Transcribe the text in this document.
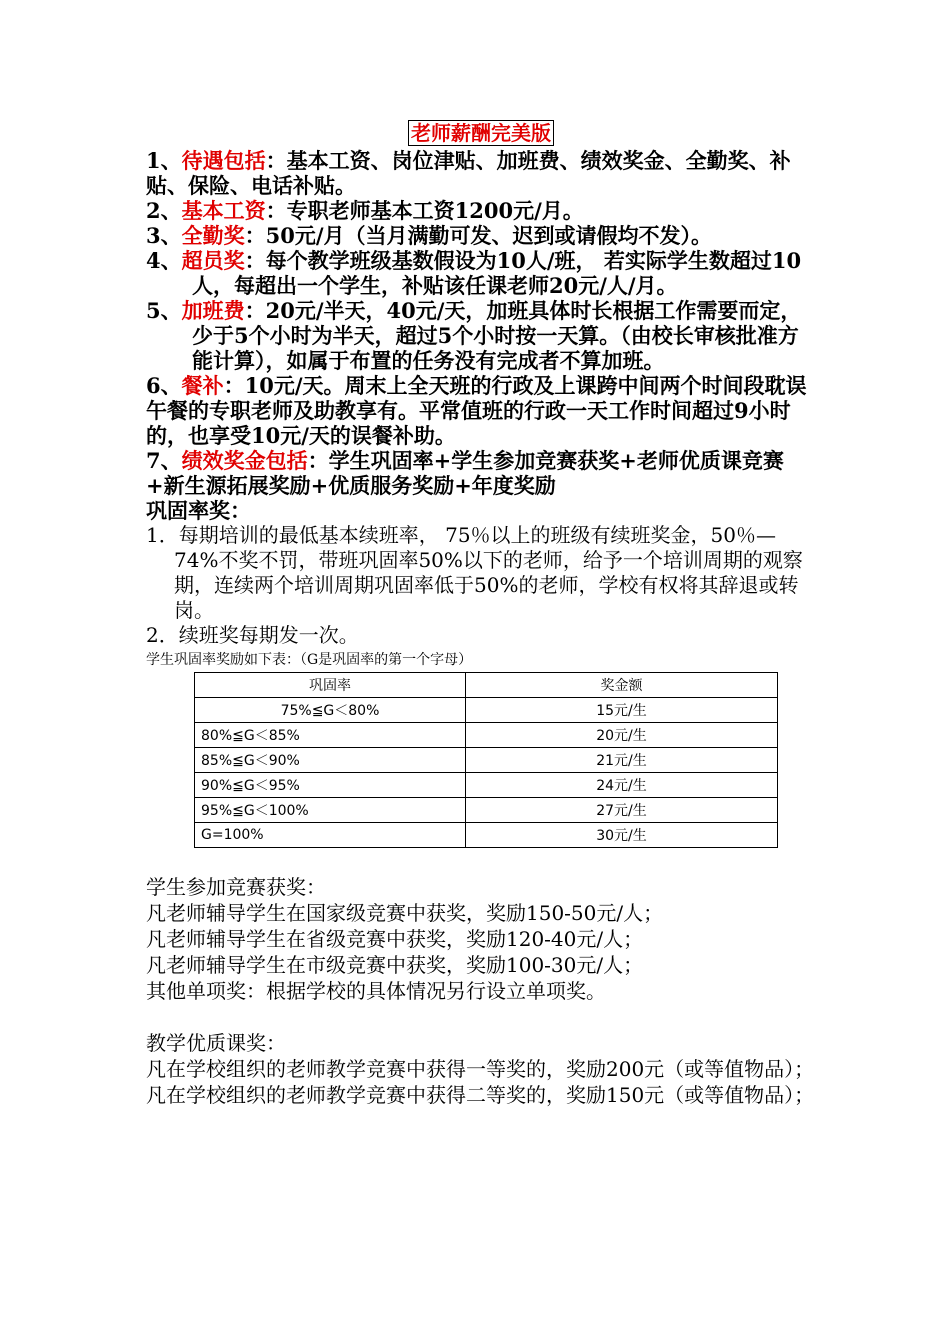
老师薪酬完美版

1、待遇包括：基本工资、岗位津贴、加班费、绩效奖金、全勤奖、补贴、保险、电话补贴。

2、基本工资：专职老师基本工资1200元/月。

3、全勤奖：50元/月（当月满勤可发、迟到或请假均不发）。

4、超员奖：每个教学班级基数假设为10人/班， 若实际学生数超过10人，每超出一个学生，补贴该任课老师20元/人/月。

5、加班费：20元/半天，40元/天，加班具体时长根据工作需要而定，少于5个小时为半天，超过5个小时按一天算。（由校长审核批准方能计算），如属于布置的任务没有完成者不算加班。

6、餐补：10元/天。周末上全天班的行政及上课跨中间两个时间段耽误午餐的专职老师及助教享有。平常值班的行政一天工作时间超过9小时的，也享受10元/天的误餐补助。

7、绩效奖金包括：学生巩固率+学生参加竞赛获奖+老师优质课竞赛+新生源拓展奖励+优质服务奖励+年度奖励

巩固率奖：

1．每期培训的最低基本续班率， 75％以上的班级有续班奖金，50％—74%不奖不罚，带班巩固率50%以下的老师，给予一个培训周期的观察期，连续两个培训周期巩固率低于50%的老师，学校有权将其辞退或转岗。

2．续班奖每期发一次。

学生巩固率奖励如下表：（G是巩固率的第一个字母）

巩固率	奖金额
75%≦G＜80%	15元/生
80%≦G＜85%	20元/生
85%≦G＜90%	21元/生
90%≦G＜95%	24元/生
95%≦G＜100%	27元/生
G=100%	30元/生

学生参加竞赛获奖：

凡老师辅导学生在国家级竞赛中获奖，奖励150-50元/人；

凡老师辅导学生在省级竞赛中获奖，奖励120-40元/人；

凡老师辅导学生在市级竞赛中获奖，奖励100-30元/人；

其他单项奖：根据学校的具体情况另行设立单项奖。

教学优质课奖：

凡在学校组织的老师教学竞赛中获得一等奖的，奖励200元（或等值物品）；

凡在学校组织的老师教学竞赛中获得二等奖的，奖励150元（或等值物品）；
